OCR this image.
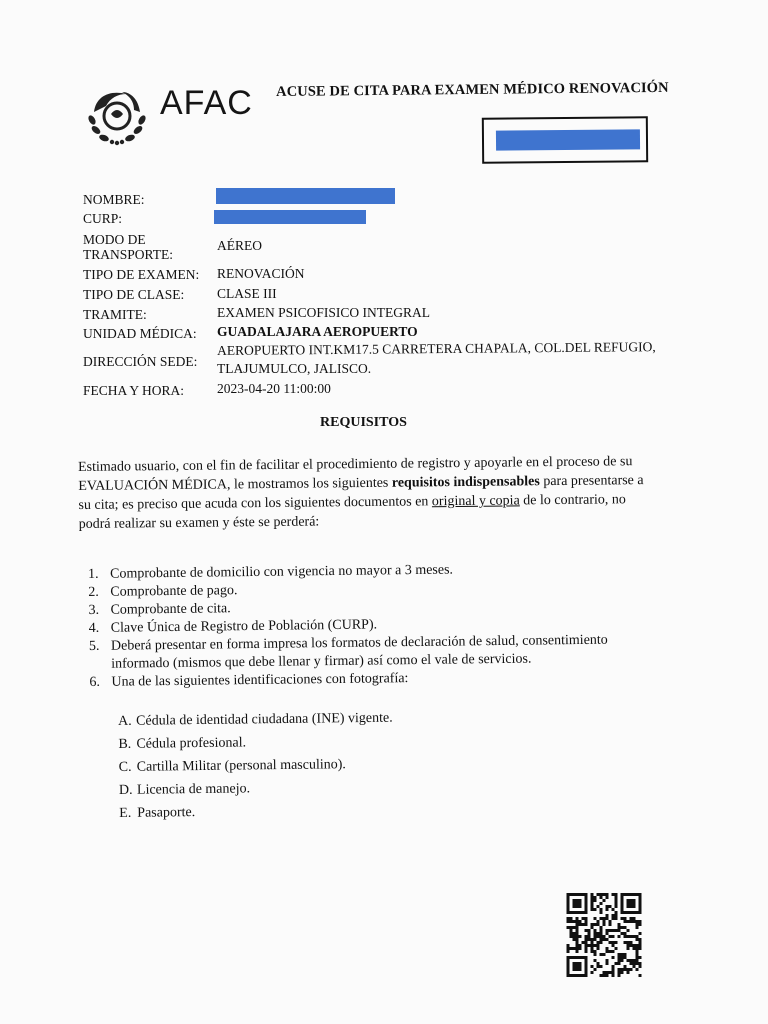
AFAC ACUSE DE CITA PARA EXAMEN MÉDICO RENOVACIÓN
NOMBRE:
CURP:
MODO DE
TRANSPORTE:
AÉREO
TIPO DE EXAMEN: RENOVACIÓN
TIPO DE CLASE: CLASE III
TRAMITE:	EXAMEN PSICOFISICO INTEGRAL
UNIDAD MÉDICA: GUADALAJARA AEROPUERTO
DIRECCIÓN SEDE:
AEROPUERTO INT.KM17.5 CARRETERA CHAPALA, COL.DEL REFUGIO,
TLAJUMULCO, JALISCO.
FECHA Y HORA: 2023-04-20 11:00:00
REQUISITOS

Estimado usuario, con el fin de facilitar el procedimiento de registro y apoyarle en el proceso de su EVALUACIÓN MÉDICA, le mostramos los siguientes requisitos indispensables para presentarse a su cita; es preciso que acuda con los siguientes documentos en original y copia de lo contrario, no podrá realizar su examen y éste se perderá:

1. Comprobante de domicilio con vigencia no mayor a 3 meses.
2. Comprobante de pago.
3. Comprobante de cita.
4. Clave Única de Registro de Población (CURP).
5. Deberá presentar en forma impresa los formatos de declaración de salud, consentimiento informado (mismos que debe llenar y firmar) así como el vale de servicios.
6. Una de las siguientes identificaciones con fotografía:
A. Cédula de identidad ciudadana (INE) vigente.
B. Cédula profesional.
C. Cartilla Militar (personal masculino).
D. Licencia de manejo.
E. Pasaporte.
